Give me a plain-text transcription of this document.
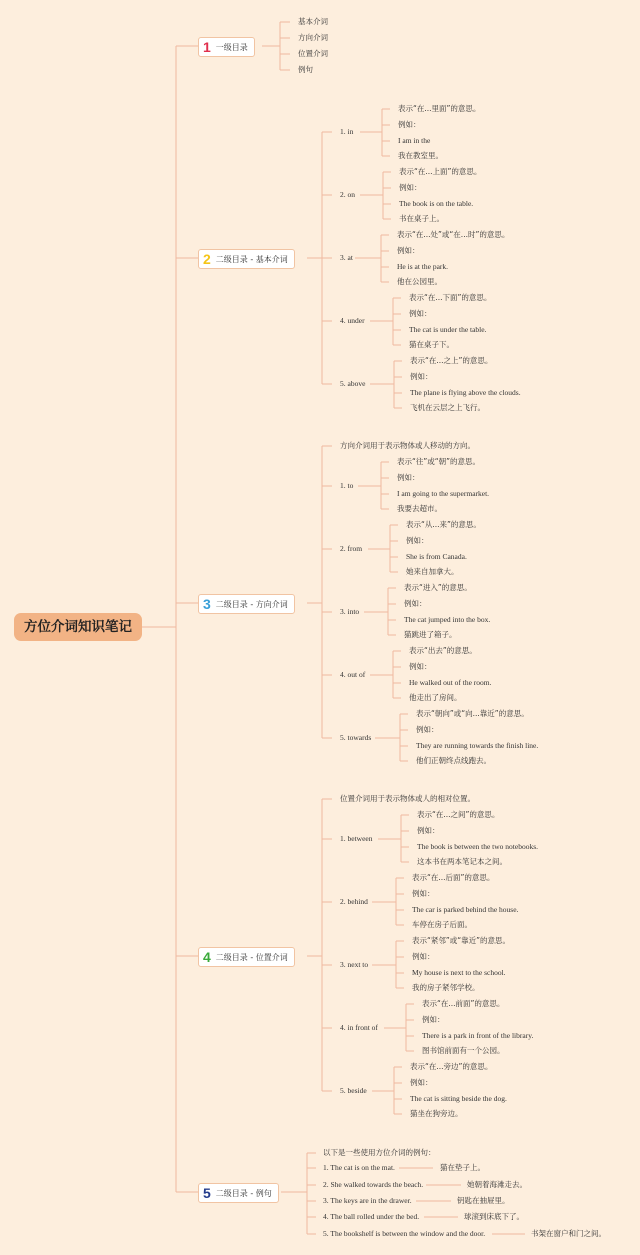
方位介词知识笔记
1 一级目录
2 二级目录 - 基本介词
3 二级目录 - 方向介词
4 二级目录 - 位置介词
5 二级目录 - 例句
基本介词
方向介词
位置介词
例句
1. in
表示“在...里面”的意思。
例如：
I am in the
我在教室里。
2. on
表示“在...上面”的意思。
例如：
The book is on the table.
书在桌子上。
3. at
表示“在...处”或“在...时”的意思。
例如：
He is at the park.
他在公园里。
4. under
表示“在...下面”的意思。
例如：
The cat is under the table.
猫在桌子下。
5. above
表示“在...之上”的意思。
例如：
The plane is flying above the clouds.
飞机在云层之上飞行。
方向介词用于表示物体或人移动的方向。
1. to
表示“往”或“朝”的意思。
例如：
I am going to the supermarket.
我要去超市。
2. from
表示“从...来”的意思。
例如：
She is from Canada.
她来自加拿大。
3. into
表示“进入”的意思。
例如：
The cat jumped into the box.
猫跳进了箱子。
4. out of
表示“出去”的意思。
例如：
He walked out of the room.
他走出了房间。
5. towards
表示“朝向”或“向...靠近”的意思。
例如：
They are running towards the finish line.
他们正朝终点线跑去。
位置介词用于表示物体或人的相对位置。
1. between
表示“在...之间”的意思。
例如：
The book is between the two notebooks.
这本书在两本笔记本之间。
2. behind
表示“在...后面”的意思。
例如：
The car is parked behind the house.
车停在房子后面。
3. next to
表示“紧邻”或“靠近”的意思。
例如：
My house is next to the school.
我的房子紧邻学校。
4. in front of
表示“在...前面”的意思。
例如：
There is a park in front of the library.
图书馆前面有一个公园。
5. beside
表示“在...旁边”的意思。
例如：
The cat is sitting beside the dog.
猫坐在狗旁边。
以下是一些使用方位介词的例句：
1. The cat is on the mat.	猫在垫子上。
2. She walked towards the beach.	她朝着海滩走去。
3. The keys are in the drawer.	钥匙在抽屉里。
4. The ball rolled under the bed.	球滚到床底下了。
5. The bookshelf is between the window and the door.	书架在窗户和门之间。
